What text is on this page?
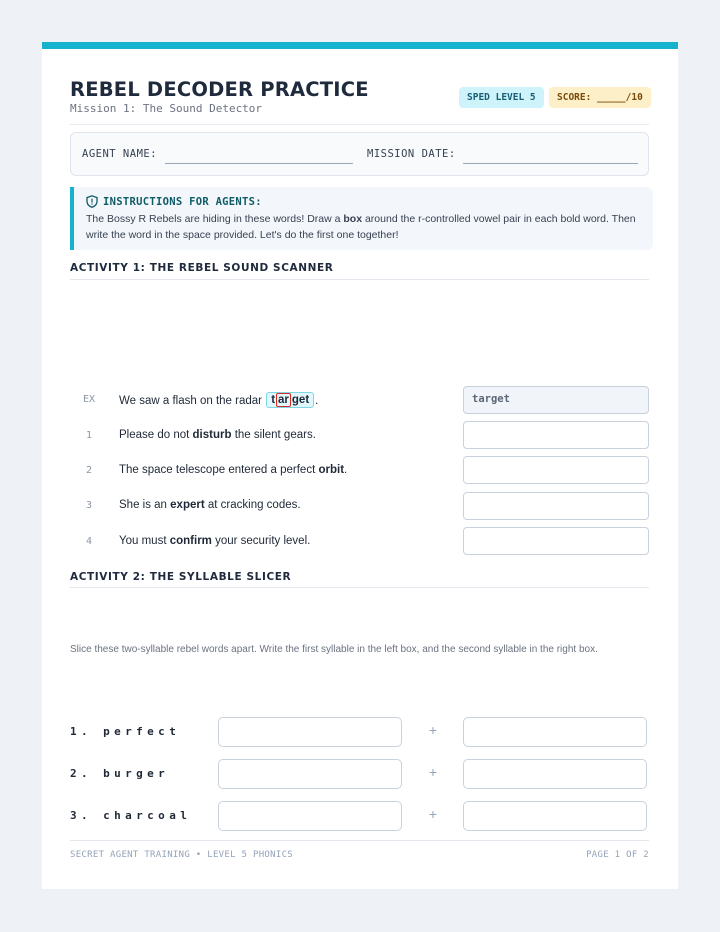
REBEL DECODER PRACTICE
Mission 1: The Sound Detector
SPED LEVEL 5	SCORE: _____/10
AGENT NAME:	MISSION DATE:
INSTRUCTIONS FOR AGENTS:
The Bossy R Rebels are hiding in these words! Draw a box around the r-controlled vowel pair in each bold word. Then write the word in the space provided. Let's do the first one together!
ACTIVITY 1: THE REBEL SOUND SCANNER
EX	We saw a flash on the radar t ar get .	target
1	Please do not disturb the silent gears.
2	The space telescope entered a perfect orbit.
3	She is an expert at cracking codes.
4	You must confirm your security level.
ACTIVITY 2: THE SYLLABLE SLICER
Slice these two-syllable rebel words apart. Write the first syllable in the left box, and the second syllable in the right box.
1. perfect	+
2. burger	+
3. charcoal	+
SECRET AGENT TRAINING • LEVEL 5 PHONICS	PAGE 1 OF 2
